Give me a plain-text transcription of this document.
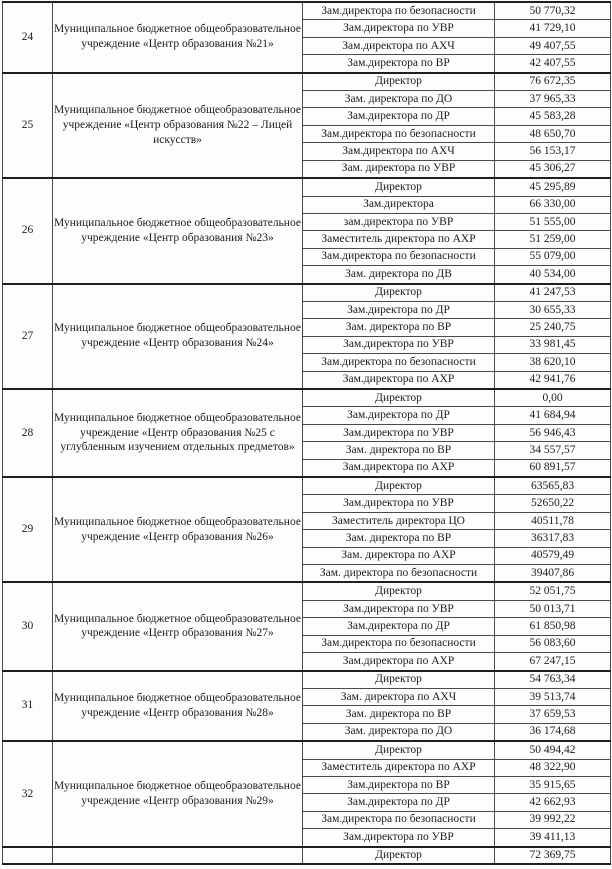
24	Муниципальное бюджетное общеобразовательное учреждение «Центр образования №21»	Зам.директора по безопасности	50 770,32
		Зам.директора по УВР	41 729,10
		Зам.директора по АХЧ	49 407,55
		Зам.директора по ВР	42 407,55
25	Муниципальное бюджетное общеобразовательное учреждение «Центр образования №22 – Лицей искусств»	Директор	76 672,35
		Зам. директора по ДО	37 965,33
		Зам.директора по ДР	45 583,28
		Зам.директора по безопасности	48 650,70
		Зам.директора по АХЧ	56 153,17
		Зам. директора по УВР	45 306,27
26	Муниципальное бюджетное общеобразовательное учреждение «Центр образования №23»	Директор	45 295,89
		Зам.директора	66 330,00
		зам.директора по УВР	51 555,00
		Заместитель директора по АХР	51 259,00
		Зам.директора по безопасности	55 079,00
		Зам. директора по ДВ	40 534,00
27	Муниципальное бюджетное общеобразовательное учреждение «Центр образования №24»	Директор	41 247,53
		Зам.директора по ДР	30 655,33
		Зам. директора по ВР	25 240,75
		Зам.директора по УВР	33 981,45
		Зам.директора по безопасности	38 620,10
		Зам.директора по АХР	42 941,76
28	Муниципальное бюджетное общеобразовательное учреждение «Центр образования №25 с углубленным изучением отдельных предметов»	Директор	0,00
		Зам.директора по ДР	41 684,94
		Зам.директора по УВР	56 946,43
		Зам. директора по ВР	34 557,57
		Зам.директора по АХР	60 891,57
29	Муниципальное бюджетное общеобразовательное учреждение «Центр образования №26»	Директор	63565,83
		Зам.директора по УВР	52650,22
		Заместитель директора ЦО	40511,78
		Зам. директора по ВР	36317,83
		Зам. директора по АХР	40579,49
		Зам. директора по безопасности	39407,86
30	Муниципальное бюджетное общеобразовательное учреждение «Центр образования №27»	Директор	52 051,75
		Зам.директора по УВР	50 013,71
		Зам.директора по ДР	61 850,98
		Зам.директора по безопасности	56 083,60
		Зам.директора по АХР	67 247,15
31	Муниципальное бюджетное общеобразовательное учреждение «Центр образования №28»	Директор	54 763,34
		Зам. директора по АХЧ	39 513,74
		Зам. директора по ВР	37 659,53
		Зам. директора по ДО	36 174,68
32	Муниципальное бюджетное общеобразовательное учреждение «Центр образования №29»	Директор	50 494,42
		Заместитель директора по АХР	48 322,90
		Зам.директора по ВР	35 915,65
		Зам.директора по ДР	42 662,93
		Зам.директора по безопасности	39 992,22
		Зам.директора по УВР	39 411,13
		Директор	72 369,75
